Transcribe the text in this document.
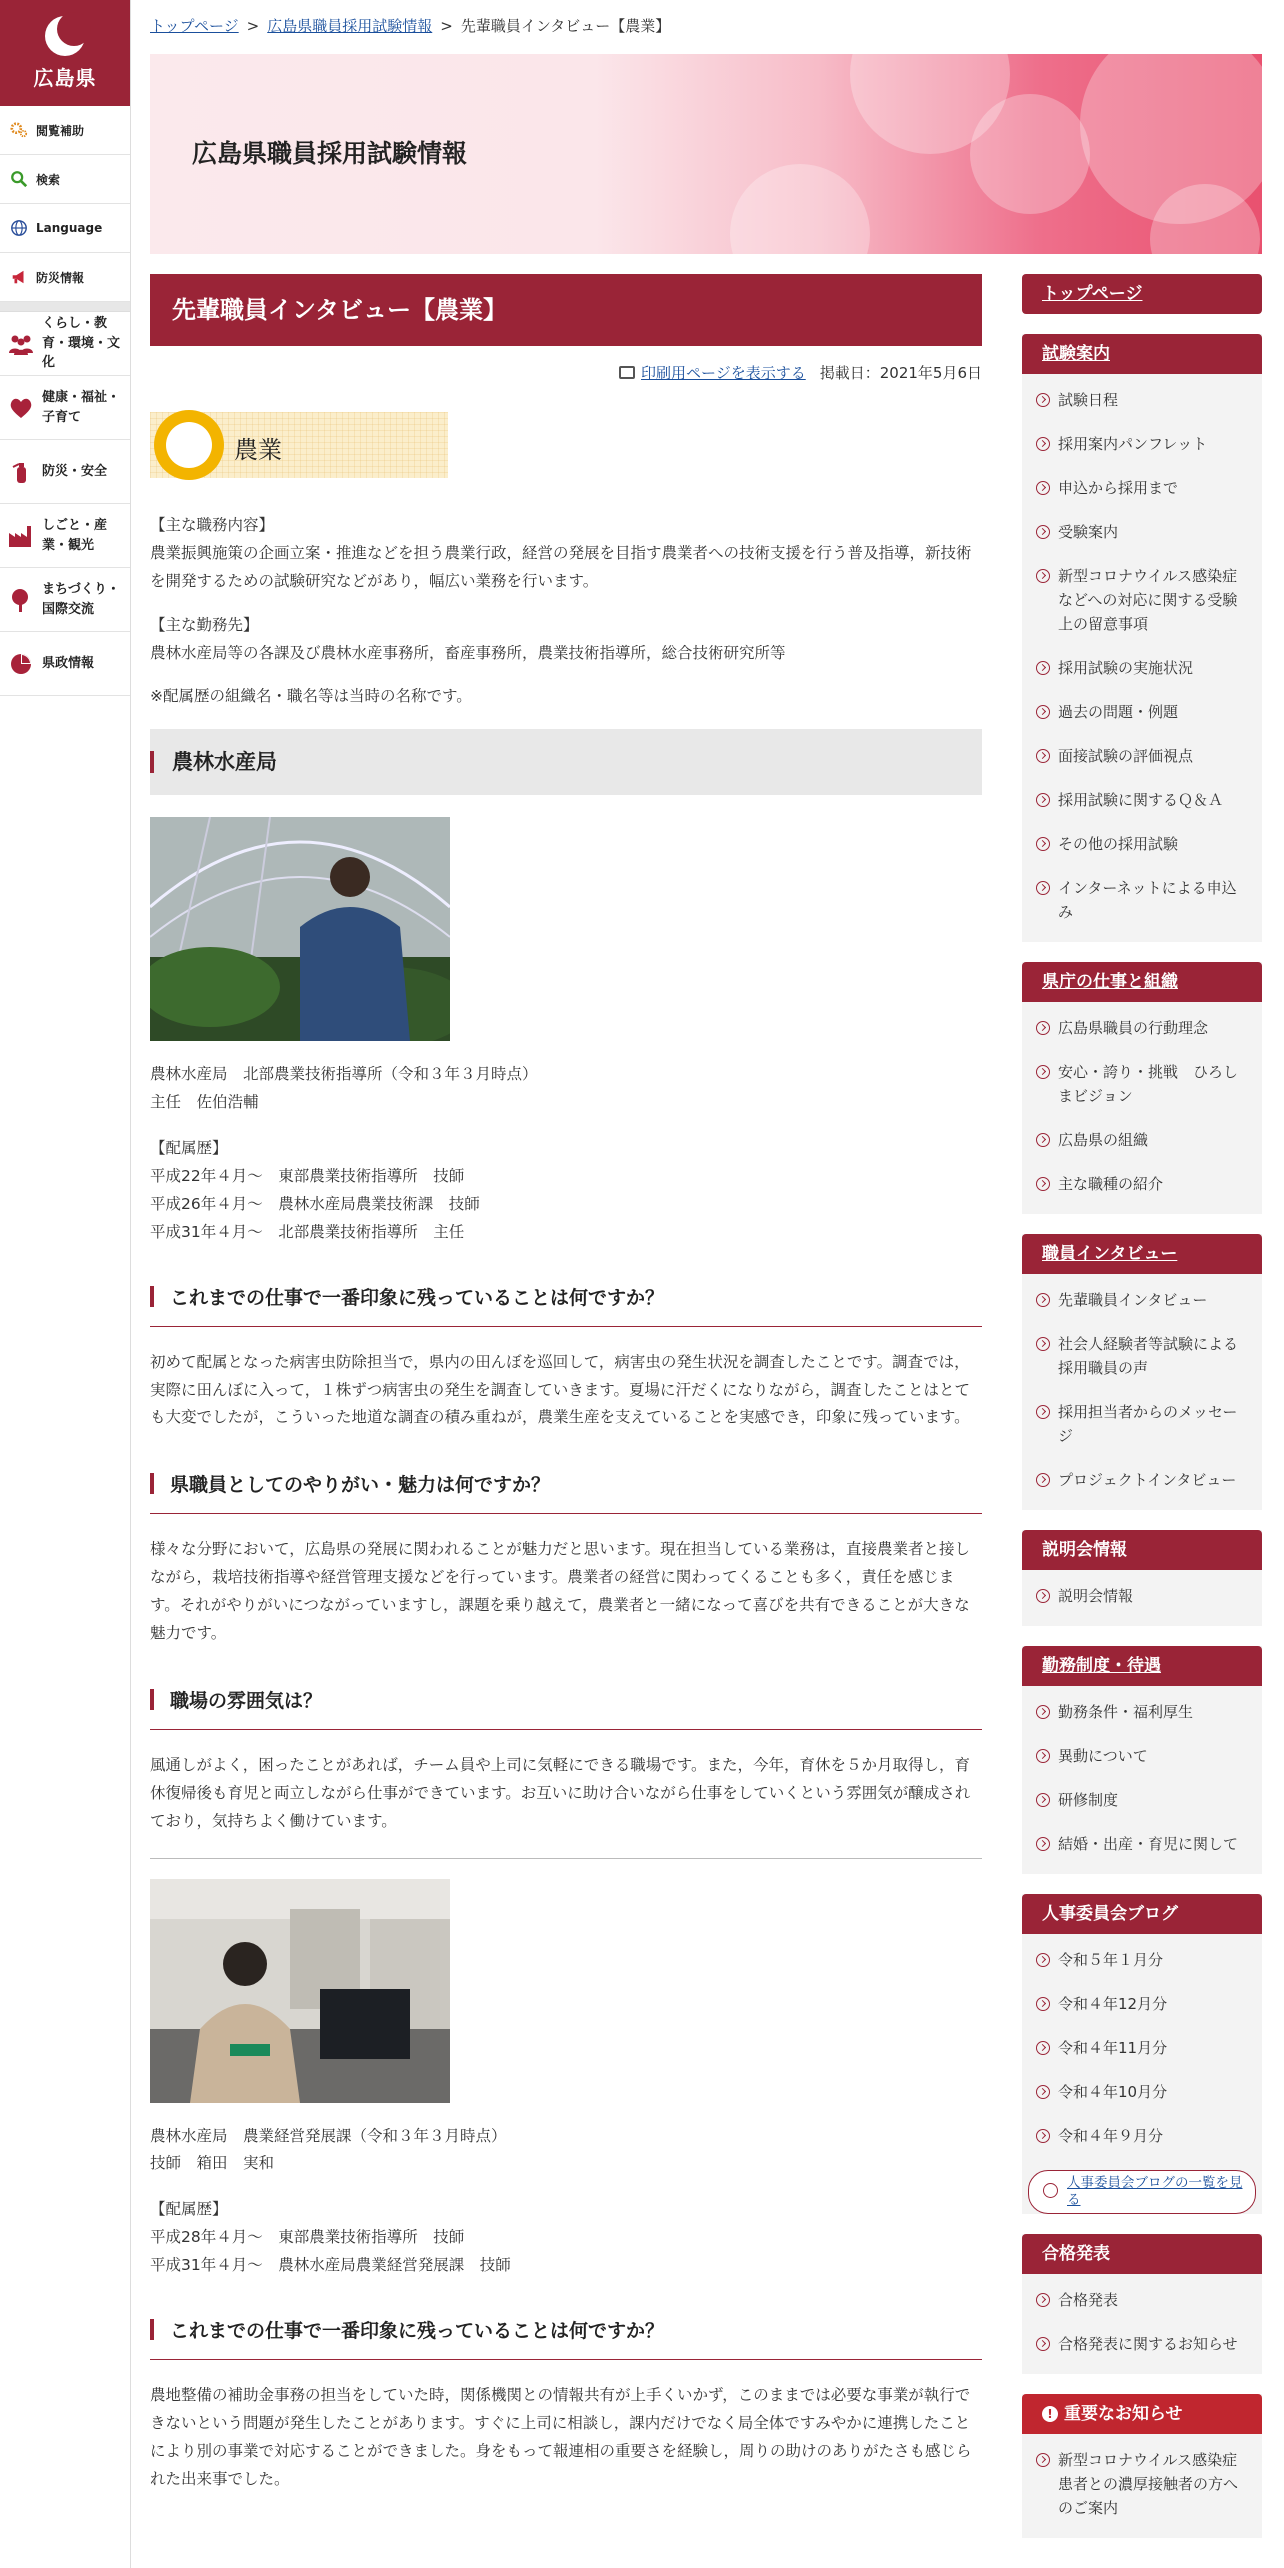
広島県
閲覧補助
検索
Language
防災情報
くらし・教育・環境・文化
健康・福祉・子育て
防災・安全
しごと・産業・観光
まちづくり・国際交流
県政情報
トップページ > 広島県職員採用試験情報 > 先輩職員インタビュー【農業】
広島県職員採用試験情報
先輩職員インタビュー【農業】
印刷用ページを表示する 掲載日：2021年5月6日
農業

【主な職務内容】

農業振興施策の企画立案・推進などを担う農業行政，経営の発展を目指す農業者への技術支援を行う普及指導，新技術を開発するための試験研究などがあり，幅広い業務を行います。

【主な勤務先】

農林水産局等の各課及び農林水産事務所，畜産事務所，農業技術指導所，総合技術研究所等

※配属歴の組織名・職名等は当時の名称です。

農林水産局

農林水産局　北部農業技術指導所（令和３年３月時点）

主任　佐伯浩輔

【配属歴】

平成22年４月～　東部農業技術指導所　技師

平成26年４月～　農林水産局農業技術課　技師

平成31年４月～　北部農業技術指導所　主任

これまでの仕事で一番印象に残っていることは何ですか？

初めて配属となった病害虫防除担当で，県内の田んぼを巡回して，病害虫の発生状況を調査したことです。調査では，実際に田んぼに入って，１株ずつ病害虫の発生を調査していきます。夏場に汗だくになりながら，調査したことはとても大変でしたが，こういった地道な調査の積み重ねが，農業生産を支えていることを実感でき，印象に残っています。

県職員としてのやりがい・魅力は何ですか？

様々な分野において，広島県の発展に関われることが魅力だと思います。現在担当している業務は，直接農業者と接しながら，栽培技術指導や経営管理支援などを行っています。農業者の経営に関わってくることも多く，責任を感じます。それがやりがいにつながっていますし，課題を乗り越えて，農業者と一緒になって喜びを共有できることが大きな魅力です。

職場の雰囲気は？

風通しがよく，困ったことがあれば，チーム員や上司に気軽にできる職場です。また，今年，育休を５か月取得し，育休復帰後も育児と両立しながら仕事ができています。お互いに助け合いながら仕事をしていくという雰囲気が醸成されており，気持ちよく働けています。

農林水産局　農業経営発展課（令和３年３月時点）

技師　箱田　実和

【配属歴】

平成28年４月～　東部農業技術指導所　技師

平成31年４月～　農林水産局農業経営発展課　技師

これまでの仕事で一番印象に残っていることは何ですか？

農地整備の補助金事務の担当をしていた時，関係機関との情報共有が上手くいかず，このままでは必要な事業が執行できないという問題が発生したことがあります。すぐに上司に相談し，課内だけでなく局全体ですみやかに連携したことにより別の事業で対応することができました。身をもって報連相の重要さを経験し，周りの助けのありがたさも感じられた出来事でした。

トップページ
試験案内
試験日程
採用案内パンフレット
申込から採用まで
受験案内
新型コロナウイルス感染症などへの対応に関する受験上の留意事項
採用試験の実施状況
過去の問題・例題
面接試験の評価視点
採用試験に関するＱ＆Ａ
その他の採用試験
インターネットによる申込み
県庁の仕事と組織
広島県職員の行動理念
安心・誇り・挑戦　ひろしまビジョン
広島県の組織
主な職種の紹介
職員インタビュー
先輩職員インタビュー
社会人経験者等試験による採用職員の声
採用担当者からのメッセージ
プロジェクトインタビュー
説明会情報
説明会情報
勤務制度・待遇
勤務条件・福利厚生
異動について
研修制度
結婚・出産・育児に関して
人事委員会ブログ
令和５年１月分
令和４年12月分
令和４年11月分
令和４年10月分
令和４年９月分
人事委員会ブログの一覧を見る
合格発表
合格発表
合格発表に関するお知らせ
! 重要なお知らせ
新型コロナウイルス感染症患者との濃厚接触者の方へのご案内
